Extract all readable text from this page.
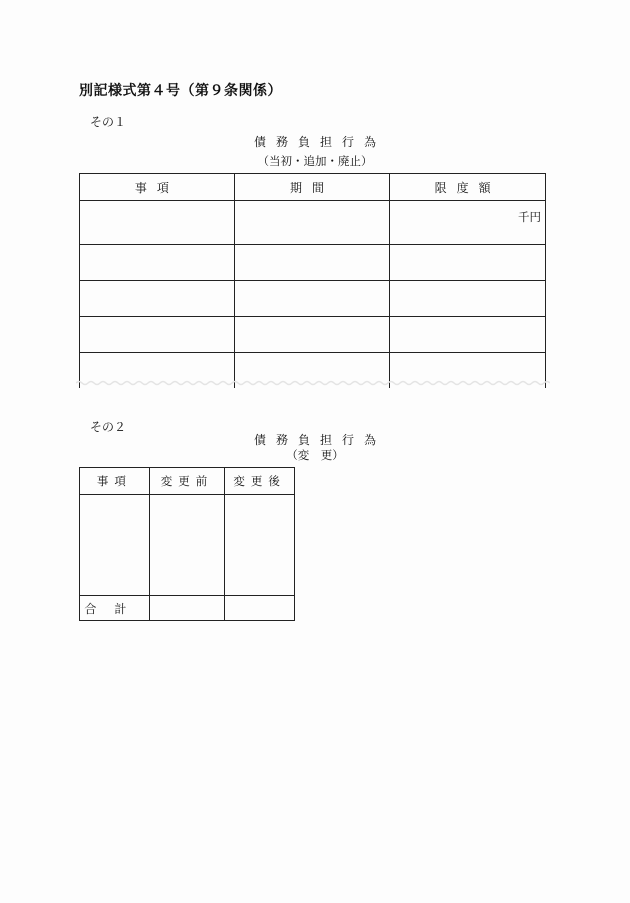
別記様式第４号（第９条関係）
その１
債務負担行為
（当初・追加・廃止）
事項	期間	限度額
		千円

その２
債務負担行為
（変　更）
事項	変更前	変更後

合計		
